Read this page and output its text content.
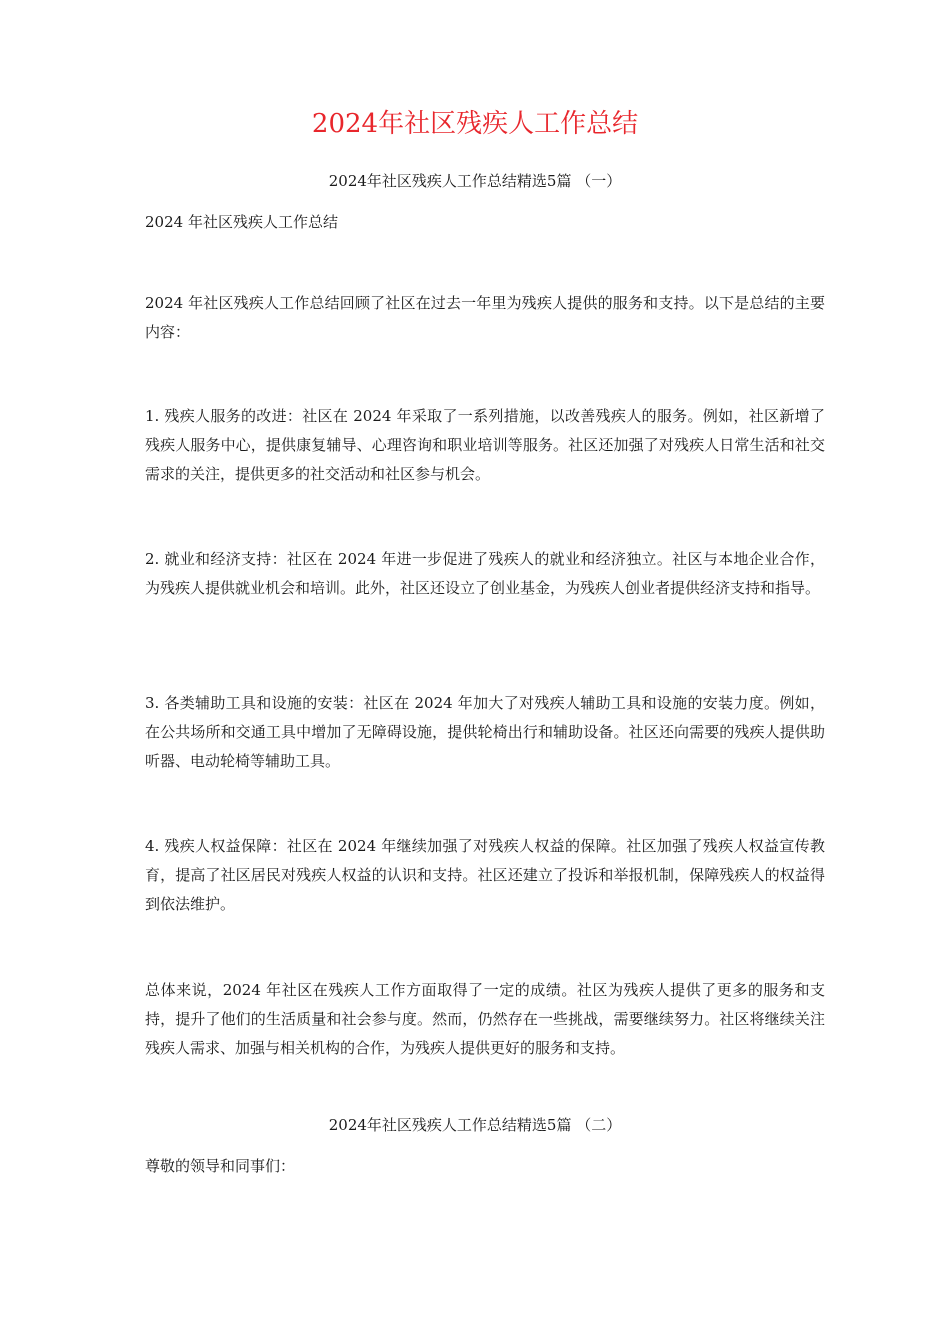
2024年社区残疾人工作总结

2024年社区残疾人工作总结精选5篇 （一）

2024 年社区残疾人工作总结

2024 年社区残疾人工作总结回顾了社区在过去一年里为残疾人提供的服务和支持。以下是总结的主要内容：

1. 残疾人服务的改进：社区在 2024 年采取了一系列措施，以改善残疾人的服务。例如，社区新增了残疾人服务中心，提供康复辅导、心理咨询和职业培训等服务。社区还加强了对残疾人日常生活和社交需求的关注，提供更多的社交活动和社区参与机会。

2. 就业和经济支持：社区在 2024 年进一步促进了残疾人的就业和经济独立。社区与本地企业合作，为残疾人提供就业机会和培训。此外，社区还设立了创业基金，为残疾人创业者提供经济支持和指导。

3. 各类辅助工具和设施的安装：社区在 2024 年加大了对残疾人辅助工具和设施的安装力度。例如，在公共场所和交通工具中增加了无障碍设施，提供轮椅出行和辅助设备。社区还向需要的残疾人提供助听器、电动轮椅等辅助工具。

4. 残疾人权益保障：社区在 2024 年继续加强了对残疾人权益的保障。社区加强了残疾人权益宣传教育，提高了社区居民对残疾人权益的认识和支持。社区还建立了投诉和举报机制，保障残疾人的权益得到依法维护。

总体来说，2024 年社区在残疾人工作方面取得了一定的成绩。社区为残疾人提供了更多的服务和支持，提升了他们的生活质量和社会参与度。然而，仍然存在一些挑战，需要继续努力。社区将继续关注残疾人需求、加强与相关机构的合作，为残疾人提供更好的服务和支持。

2024年社区残疾人工作总结精选5篇 （二）

尊敬的领导和同事们：
